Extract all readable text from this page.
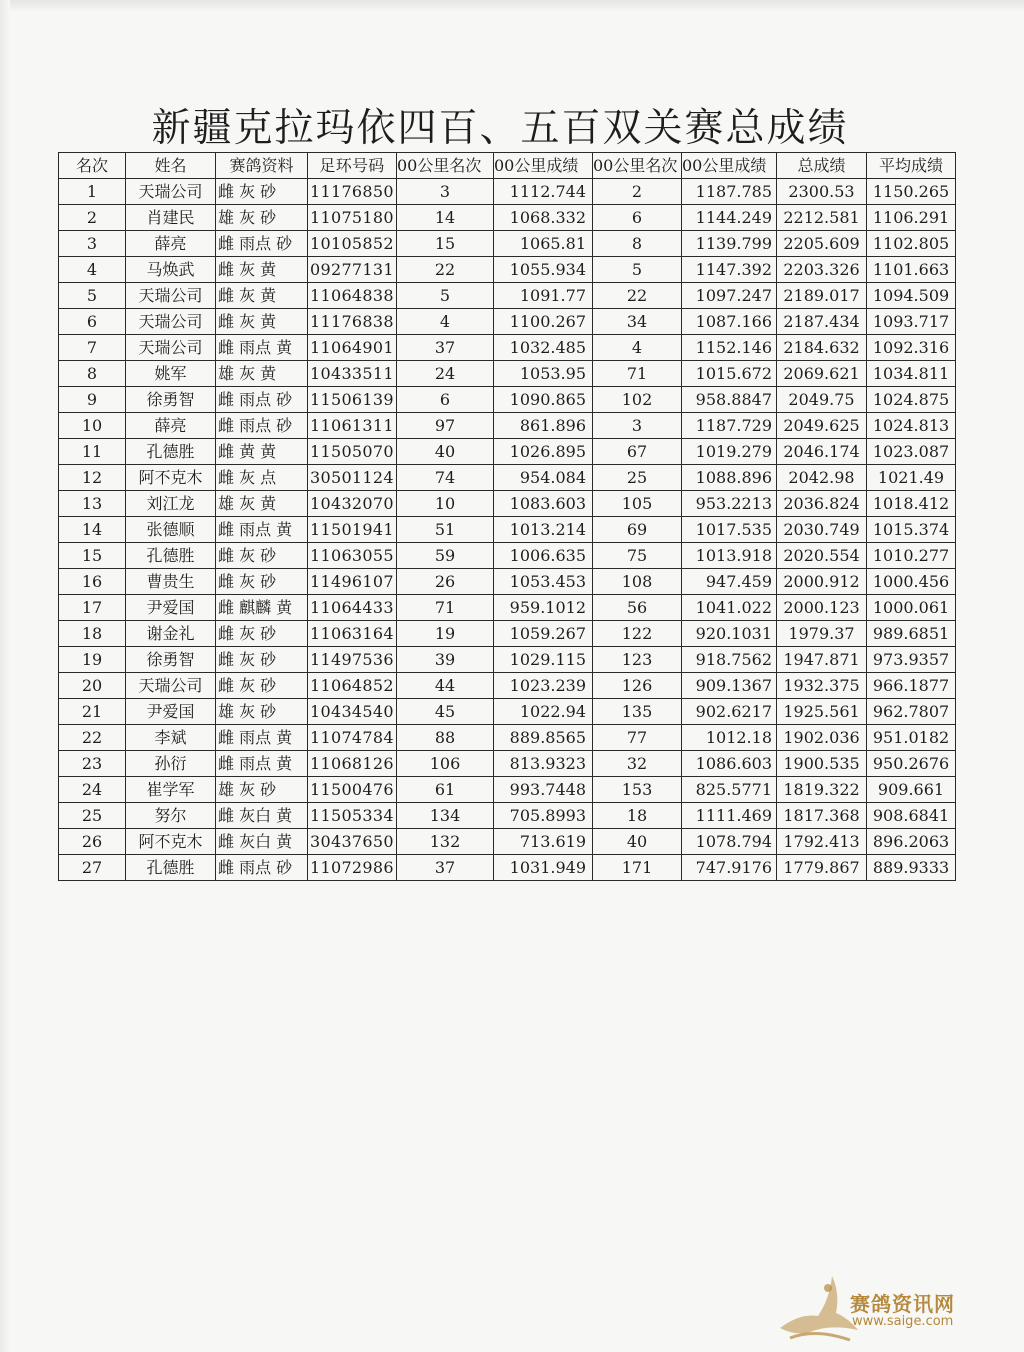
新疆克拉玛依四百、五百双关赛总成绩
名次	姓名	赛鸽资料	足环号码	00公里名次	00公里成绩	00公里名次	00公里成绩	总成绩	平均成绩
1	天瑞公司	雌 灰 砂	11176850	3	1112.744	2	1187.785	2300.53	1150.265
2	肖建民	雄 灰 砂	11075180	14	1068.332	6	1144.249	2212.581	1106.291
3	薛亮	雌 雨点 砂	10105852	15	1065.81	8	1139.799	2205.609	1102.805
4	马焕武	雌 灰 黄	09277131	22	1055.934	5	1147.392	2203.326	1101.663
5	天瑞公司	雌 灰 黄	11064838	5	1091.77	22	1097.247	2189.017	1094.509
6	天瑞公司	雌 灰 黄	11176838	4	1100.267	34	1087.166	2187.434	1093.717
7	天瑞公司	雌 雨点 黄	11064901	37	1032.485	4	1152.146	2184.632	1092.316
8	姚军	雄 灰 黄	10433511	24	1053.95	71	1015.672	2069.621	1034.811
9	徐勇智	雌 雨点 砂	11506139	6	1090.865	102	958.8847	2049.75	1024.875
10	薛亮	雌 雨点 砂	11061311	97	861.896	3	1187.729	2049.625	1024.813
11	孔德胜	雌 黄 黄	11505070	40	1026.895	67	1019.279	2046.174	1023.087
12	阿不克木	雌 灰 点	30501124	74	954.084	25	1088.896	2042.98	1021.49
13	刘江龙	雄 灰 黄	10432070	10	1083.603	105	953.2213	2036.824	1018.412
14	张德顺	雌 雨点 黄	11501941	51	1013.214	69	1017.535	2030.749	1015.374
15	孔德胜	雌 灰 砂	11063055	59	1006.635	75	1013.918	2020.554	1010.277
16	曹贵生	雌 灰 砂	11496107	26	1053.453	108	947.459	2000.912	1000.456
17	尹爱国	雌 麒麟 黄	11064433	71	959.1012	56	1041.022	2000.123	1000.061
18	谢金礼	雌 灰 砂	11063164	19	1059.267	122	920.1031	1979.37	989.6851
19	徐勇智	雌 灰 砂	11497536	39	1029.115	123	918.7562	1947.871	973.9357
20	天瑞公司	雌 灰 砂	11064852	44	1023.239	126	909.1367	1932.375	966.1877
21	尹爱国	雄 灰 砂	10434540	45	1022.94	135	902.6217	1925.561	962.7807
22	李斌	雌 雨点 黄	11074784	88	889.8565	77	1012.18	1902.036	951.0182
23	孙衍	雌 雨点 黄	11068126	106	813.9323	32	1086.603	1900.535	950.2676
24	崔学军	雄 灰 砂	11500476	61	993.7448	153	825.5771	1819.322	909.661
25	努尔	雌 灰白 黄	11505334	134	705.8993	18	1111.469	1817.368	908.6841
26	阿不克木	雌 灰白 黄	30437650	132	713.619	40	1078.794	1792.413	896.2063
27	孔德胜	雌 雨点 砂	11072986	37	1031.949	171	747.9176	1779.867	889.9333
赛鸽资讯网
www.saige.com
